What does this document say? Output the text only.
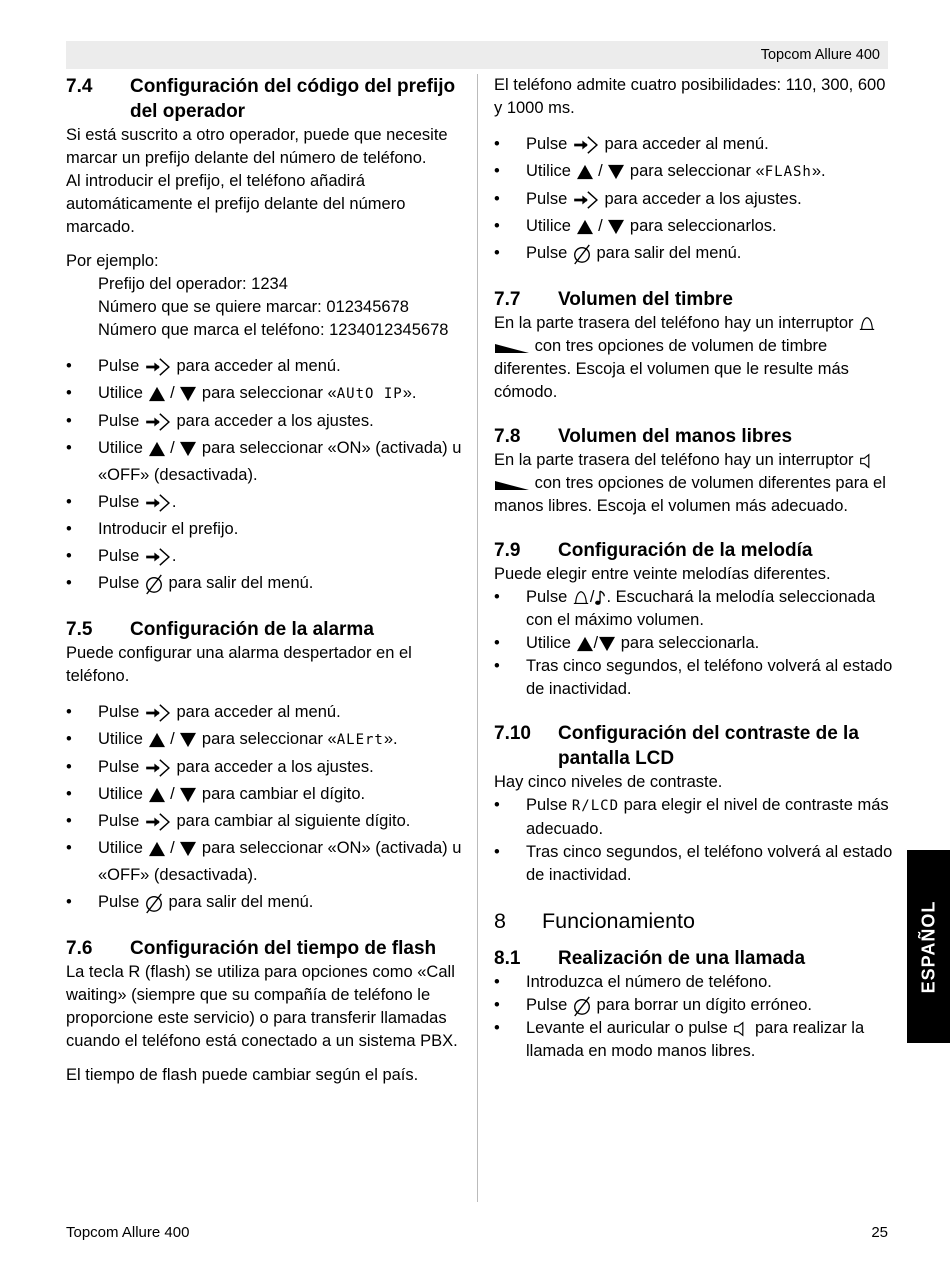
Topcom Allure 400
7.4 Configuración del código del prefijo del operador

Si está suscrito a otro operador, puede que necesite marcar un prefijo delante del número de teléfono.

Al introducir el prefijo, el teléfono añadirá automáticamente el prefijo delante del número marcado.

Por ejemplo:

Prefijo del operador: 1234

Número que se quiere marcar: 012345678

Número que marca el teléfono: 1234012345678

• Pulse para acceder al menú.
• Utilice  /  para seleccionar «AUtO IP».
• Pulse para acceder a los ajustes.
• Utilice  /  para seleccionar «ON» (activada) u «OFF» (desactivada).
• Pulse .
• Introducir el prefijo.
• Pulse .
• Pulse para salir del menú.
7.5 Configuración de la alarma

Puede configurar una alarma despertador en el teléfono.

• Pulse para acceder al menú.
• Utilice  /  para seleccionar «ALErt».
• Pulse para acceder a los ajustes.
• Utilice  /  para cambiar el dígito.
• Pulse para cambiar al siguiente dígito.
• Utilice  /  para seleccionar «ON» (activada) u «OFF» (desactivada).
• Pulse para salir del menú.
7.6 Configuración del tiempo de flash

La tecla R (flash) se utiliza para opciones como «Call waiting» (siempre que su compañía de teléfono le proporcione este servicio) o para transferir llamadas cuando el teléfono está conectado a un sistema PBX.

El tiempo de flash puede cambiar según el país.

El teléfono admite cuatro posibilidades: 110, 300, 600 y 1000 ms.

• Pulse para acceder al menú.
• Utilice  /  para seleccionar «FLASh».
• Pulse para acceder a los ajustes.
• Utilice  /  para seleccionarlos.
• Pulse para salir del menú.
7.7 Volumen del timbre

En la parte trasera del teléfono hay un interruptor   con tres opciones de volumen de timbre diferentes. Escoja el volumen que le resulte más cómodo.

7.8 Volumen del manos libres

En la parte trasera del teléfono hay un interruptor   con tres opciones de volumen diferentes para el manos libres. Escoja el volumen más adecuado.

7.9 Configuración de la melodía

Puede elegir entre veinte melodías diferentes.

• Pulse / . Escuchará la melodía seleccionada con el máximo volumen.
• Utilice / para seleccionarla.
• Tras cinco segundos, el teléfono volverá al estado de inactividad.
7.10 Configuración del contraste de la pantalla LCD

Hay cinco niveles de contraste.

• Pulse R/LCD para elegir el nivel de contraste más adecuado.
• Tras cinco segundos, el teléfono volverá al estado de inactividad.
8 Funcionamiento
8.1 Realización de una llamada
• Introduzca el número de teléfono.
• Pulse para borrar un dígito erróneo.
• Levante el auricular o pulse para realizar la llamada en modo manos libres.
ESPAÑOL
Topcom Allure 400	25
